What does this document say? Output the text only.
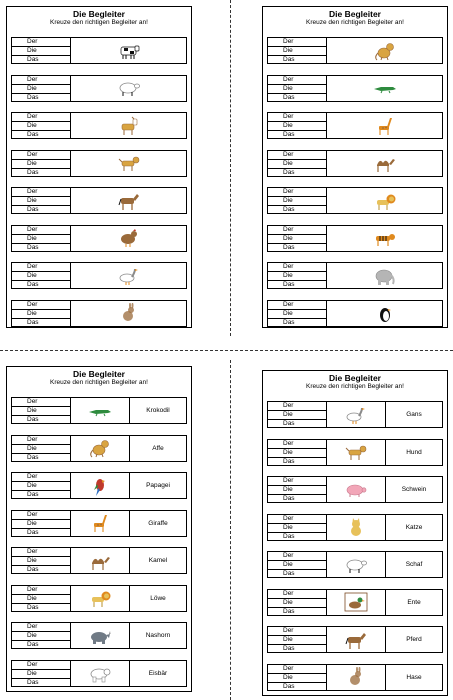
Die Begleiter
Kreuze den richtigen Begleiter an!
Der
Die
Das
Der
Die
Das
Der
Die
Das
Der
Die
Das
Der
Die
Das
Der
Die
Das
Der
Die
Das
Der
Die
Das
Die Begleiter
Kreuze den richtigen Begleiter an!
Der
Die
Das
Der
Die
Das
Der
Die
Das
Der
Die
Das
Der
Die
Das
Der
Die
Das
Der
Die
Das
Der
Die
Das
Die Begleiter
Kreuze den richtigen Begleiter an!
Der
Die
Das
Krokodil
Der
Die
Das
Affe
Der
Die
Das
Papagei
Der
Die
Das
Giraffe
Der
Die
Das
Kamel
Der
Die
Das
Löwe
Der
Die
Das
Nashorn
Der
Die
Das
Eisbär
Die Begleiter
Kreuze den richtigen Begleiter an!
Der
Die
Das
Gans
Der
Die
Das
Hund
Der
Die
Das
Schwein
Der
Die
Das
Katze
Der
Die
Das
Schaf
Der
Die
Das
Ente
Der
Die
Das
Pferd
Der
Die
Das
Hase
